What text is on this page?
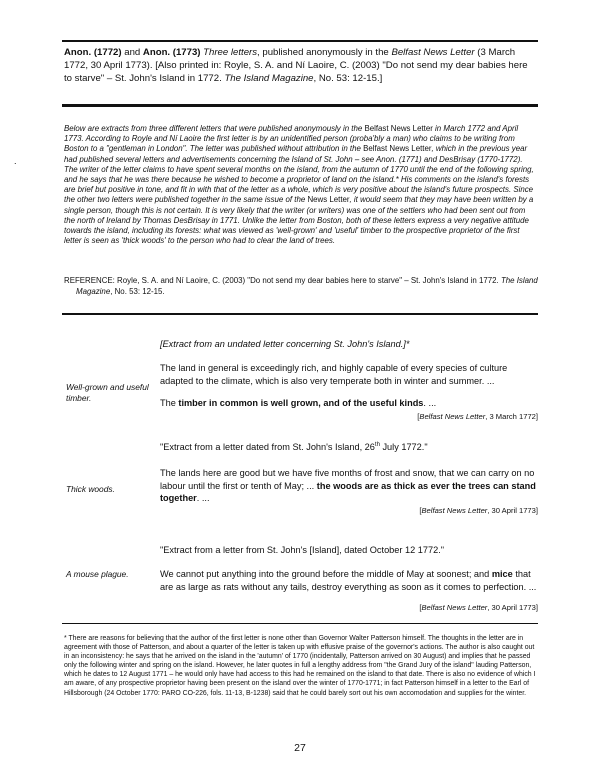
Anon. (1772) and Anon. (1773) Three letters, published anonymously in the Belfast News Letter (3 March 1772, 30 April 1773). [Also printed in: Royle, S. A. and Ní Laoire, C. (2003) "Do not send my dear babies here to starve" – St. John's Island in 1772. The Island Magazine, No. 53: 12-15.]
.
Below are extracts from three different letters that were published anonymously in the Belfast News Letter in March 1772 and April 1773. According to Royle and Ní Laoire the first letter is by an unidentified person (proba'bly a man) who claims to be writing from Boston to a "gentleman in London". The letter was published without attribution in the Belfast News Letter, which in the previous year had published several letters and advertisements concerning the Island of St. John – see Anon. (1771) and DesBrisay (1770-1772). The writer of the letter claims to have spent several months on the island, from the autumn of 1770 until the end of the following spring, and he says that he was there because he wished to become a proprietor of land on the island.* His comments on the island's forests are brief but positive in tone, and fit in with that of the letter as a whole, which is very positive about the island's future prospects. Since the other two letters were published together in the same issue of the News Letter, it would seem that they may have been written by a single person, though this is not certain. It is very likely that the writer (or writers) was one of the settlers who had been sent out from the north of Ireland by Thomas DesBrisay in 1771. Unlike the letter from Boston, both of these letters express a very negative attitude towards the island, including its forests: what was viewed as 'well-grown' and 'useful' timber to the prospective proprietor of the first letter is seen as 'thick woods' to the person who had to clear the land of trees.
REFERENCE: Royle, S. A. and Ní Laoire, C. (2003) "Do not send my dear babies here to starve" – St. John's Island in 1772. The Island Magazine, No. 53: 12-15.
[Extract from an undated letter concerning St. John's Island.]*

The land in general is exceedingly rich, and highly capable of every species of culture adapted to the climate, which is also very temperate both in winter and summer. ...

The timber in common is well grown, and of the useful kinds. ...

Well-grown and useful timber.
[Belfast News Letter, 3 March 1772]
"Extract from a letter dated from St. John's Island, 26th July 1772."

The lands here are good but we have five months of frost and snow, that we can carry on no labour until the first or tenth of May; ... the woods are as thick as ever the trees can stand together. ...

Thick woods.
[Belfast News Letter, 30 April 1773]
"Extract from a letter from St. John's [Island], dated October 12 1772."

We cannot put anything into the ground before the middle of May at soonest; and mice that are as large as rats without any tails, destroy everything as soon as it comes to perfection. ...

A mouse plague.
[Belfast News Letter, 30 April 1773]
* There are reasons for believing that the author of the first letter is none other than Governor Walter Patterson himself. The thoughts in the letter are in agreement with those of Patterson, and about a quarter of the letter is taken up with effusive praise of the governor's actions. The author is also caught out in an inconsistency: he says that he arrived on the island in the 'autumn' of 1770 (incidentally, Patterson arrived on 30 August) and implies that he passed only the following winter and spring on the island. However, he later quotes in full a lengthy address from "the Grand Jury of the island" lauding Patterson, which he dates to 12 August 1771 – he would only have had access to this had he remained on the island to that date. There is also no evidence of which I am aware, of any prospective proprietor having been present on the island over the winter of 1770-1771; in fact Patterson himself in a letter to the Earl of Hillsborough (24 October 1770: PARO CO-226, fols. 11-13, B-1238) said that he could barely sort out his own accomodation and supplies for the winter.
27
